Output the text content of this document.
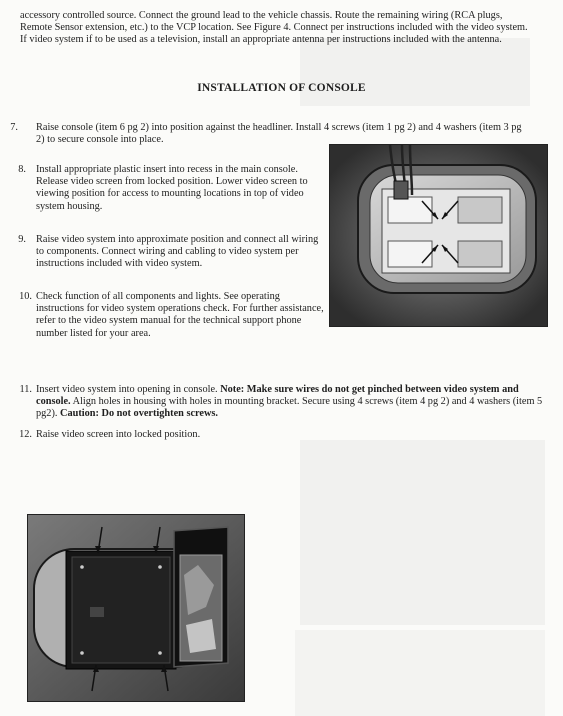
accessory controlled source. Connect the ground lead to the vehicle chassis. Route the remaining wiring (RCA plugs, Remote Sensor extension, etc.) to the VCP location. See Figure 4. Connect per instructions included with the video system. If video system if to be used as a television, install an appropriate antenna per instructions included with the antenna.
INSTALLATION OF CONSOLE
7. Raise console (item 6 pg 2) into position against the headliner. Install 4 screws (item 1 pg 2) and 4 washers (item 3 pg 2) to secure console into place.
8. Install appropriate plastic insert into recess in the main console. Release video screen from locked position. Lower video screen to viewing position for access to mounting locations in top of video system housing.
9. Raise video system into approximate position and connect all wiring to components. Connect wiring and cabling to video system per instructions included with video system.
10. Check function of all components and lights. See operating instructions for video system operations check. For further assistance, refer to the video system manual for the technical support phone number listed for your area.
11. Insert video system into opening in console. Note: Make sure wires do not get pinched between video system and console. Align holes in housing with holes in mounting bracket. Secure using 4 screws (item 4 pg 2) and 4 washers (item 5 pg2). Caution: Do not overtighten screws.
12. Raise video screen into locked position.
